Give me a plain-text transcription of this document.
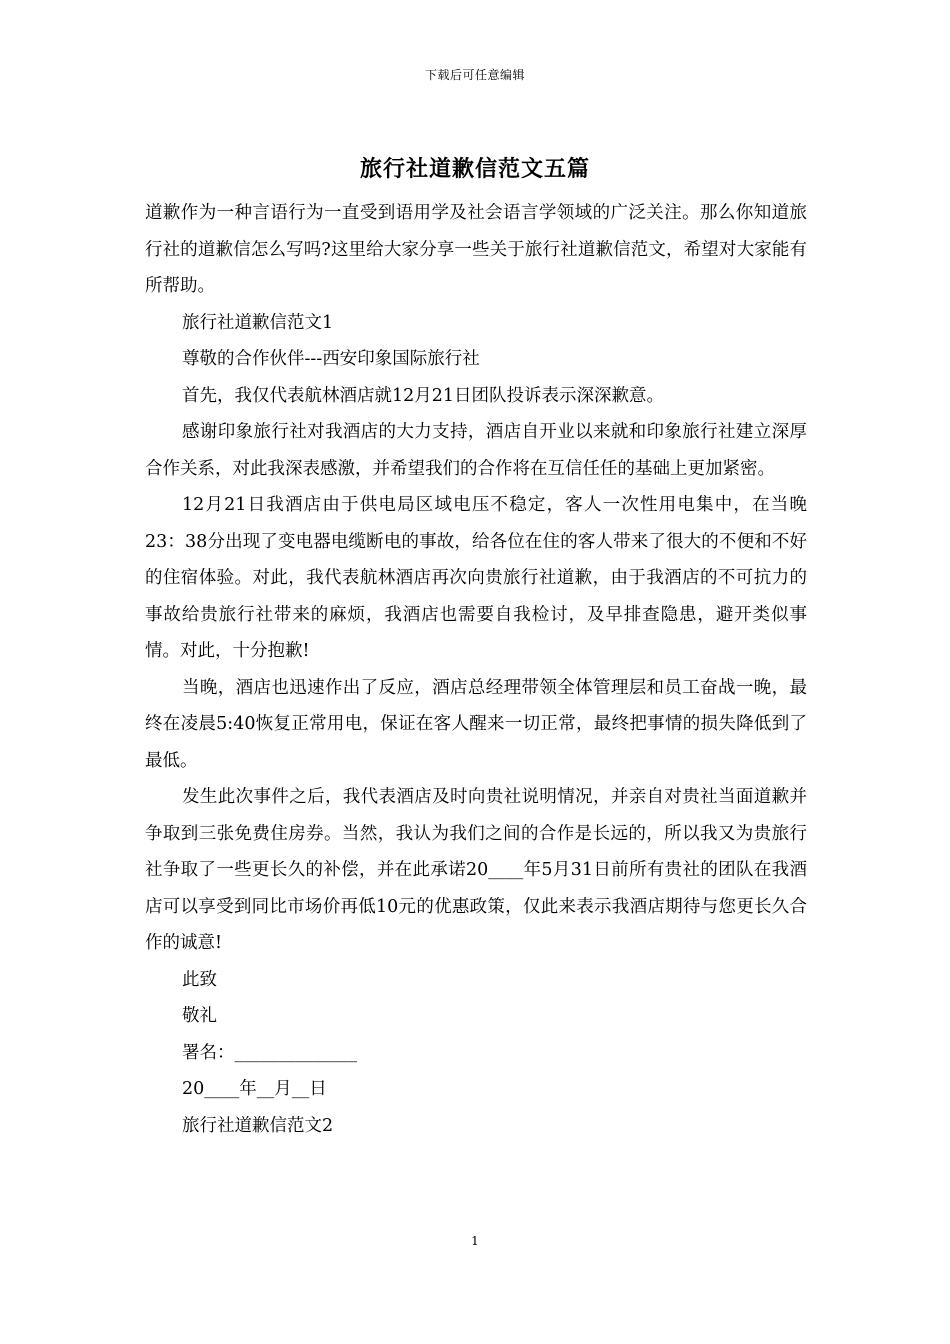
下载后可任意编辑
旅行社道歉信范文五篇

道歉作为一种言语行为一直受到语用学及社会语言学领域的广泛关注。那么你知道旅行社的道歉信怎么写吗?这里给大家分享一些关于旅行社道歉信范文，希望对大家能有所帮助。

旅行社道歉信范文1

尊敬的合作伙伴---西安印象国际旅行社

首先，我仅代表航林酒店就12月21日团队投诉表示深深歉意。

感谢印象旅行社对我酒店的大力支持，酒店自开业以来就和印象旅行社建立深厚合作关系，对此我深表感激，并希望我们的合作将在互信任任的基础上更加紧密。

12月21日我酒店由于供电局区域电压不稳定，客人一次性用电集中，在当晚23：38分出现了变电器电缆断电的事故，给各位在住的客人带来了很大的不便和不好的住宿体验。对此，我代表航林酒店再次向贵旅行社道歉，由于我酒店的不可抗力的事故给贵旅行社带来的麻烦，我酒店也需要自我检讨，及早排查隐患，避开类似事情。对此，十分抱歉!

当晚，酒店也迅速作出了反应，酒店总经理带领全体管理层和员工奋战一晚，最终在凌晨5:40恢复正常用电，保证在客人醒来一切正常，最终把事情的损失降低到了最低。

发生此次事件之后，我代表酒店及时向贵社说明情况，并亲自对贵社当面道歉并争取到三张免费住房券。当然，我认为我们之间的合作是长远的，所以我又为贵旅行社争取了一些更长久的补偿，并在此承诺20____年5月31日前所有贵社的团队在我酒店可以享受到同比市场价再低10元的优惠政策，仅此来表示我酒店期待与您更长久合作的诚意!

此致

敬礼

署名：______________

20____年__月__日

旅行社道歉信范文2

1
